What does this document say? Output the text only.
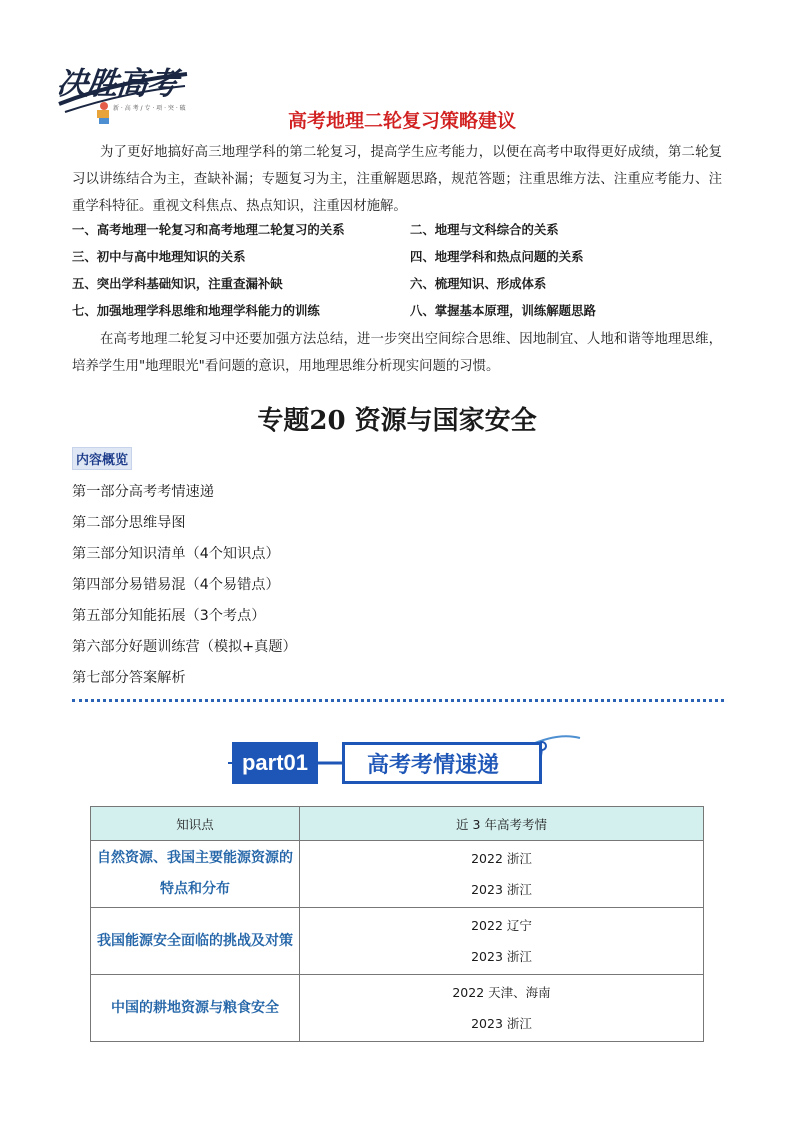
决胜高考
新 · 高 考 / 专 · 项 · 突 · 破
高考地理二轮复习策略建议
为了更好地搞好高三地理学科的第二轮复习，提高学生应考能力，以便在高考中取得更好成绩，第二轮复习以讲练结合为主，查缺补漏；专题复习为主，注重解题思路，规范答题；注重思维方法、注重应考能力、注重学科特征。重视文科焦点、热点知识，注重因材施解。
一、高考地理一轮复习和高考地理二轮复习的关系	二、地理与文科综合的关系
三、初中与高中地理知识的关系	四、地理学科和热点问题的关系
五、突出学科基础知识，注重查漏补缺	六、梳理知识、形成体系
七、加强地理学科思维和地理学科能力的训练	八、掌握基本原理，训练解题思路
在高考地理二轮复习中还要加强方法总结，进一步突出空间综合思维、因地制宜、人地和谐等地理思维，培养学生用"地理眼光"看问题的意识，用地理思维分析现实问题的习惯。
专题20 资源与国家安全
内容概览
第一部分高考考情速递
第二部分思维导图
第三部分知识清单（4个知识点）
第四部分易错易混（4个易错点）
第五部分知能拓展（3个考点）
第六部分好题训练营（模拟+真题）
第七部分答案解析
part01	高考考情速递
知识点	近 3 年高考考情
自然资源、我国主要能源资源的特点和分布	2022 浙江
2023 浙江

我国能源安全面临的挑战及对策	2022 辽宁
2023 浙江

中国的耕地资源与粮食安全	2022 天津、海南
2023 浙江
